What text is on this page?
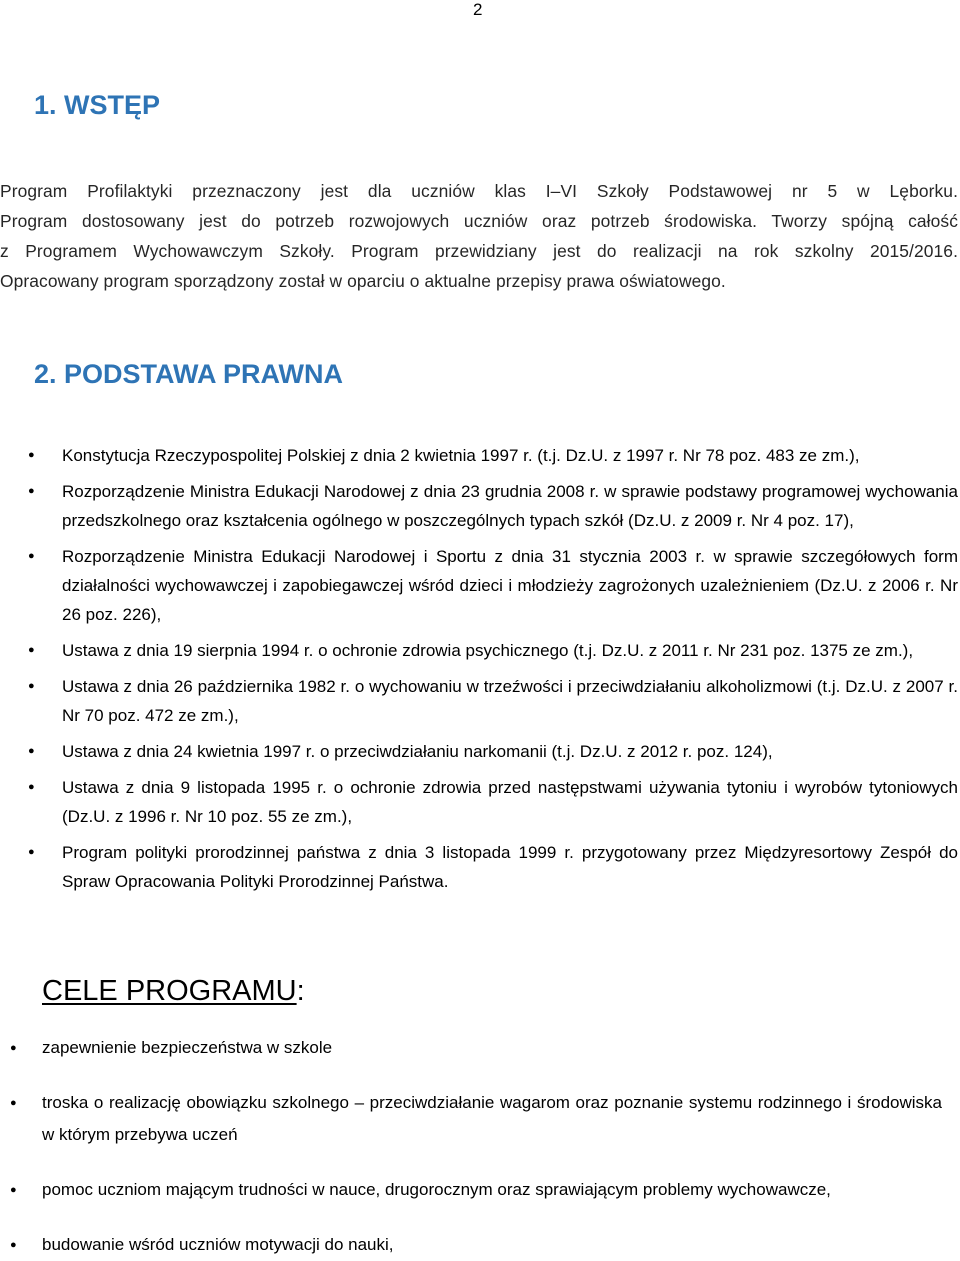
2
1. WSTĘP
Program Profilaktyki przeznaczony jest dla uczniów klas I–VI Szkoły Podstawowej nr 5 w Lęborku.
Program dostosowany jest do potrzeb rozwojowych uczniów oraz potrzeb środowiska. Tworzy spójną całość
z Programem Wychowawczym Szkoły. Program przewidziany jest do realizacji na rok szkolny 2015/2016.
Opracowany program sporządzony został w oparciu o aktualne przepisy prawa oświatowego.
2. PODSTAWA PRAWNA
● Konstytucja Rzeczypospolitej Polskiej z dnia 2 kwietnia 1997 r. (t.j. Dz.U. z 1997 r. Nr 78 poz. 483 ze zm.),
● Rozporządzenie Ministra Edukacji Narodowej z dnia 23 grudnia 2008 r. w sprawie podstawy programowej wychowania przedszkolnego oraz kształcenia ogólnego w poszczególnych typach szkół (Dz.U. z 2009 r. Nr 4 poz. 17),
● Rozporządzenie Ministra Edukacji Narodowej i Sportu z dnia 31 stycznia 2003 r. w sprawie szczegółowych form działalności wychowawczej i zapobiegawczej wśród dzieci i młodzieży zagrożonych uzależnieniem (Dz.U. z 2006 r. Nr 26 poz. 226),
● Ustawa z dnia 19 sierpnia 1994 r. o ochronie zdrowia psychicznego (t.j. Dz.U. z 2011 r. Nr 231 poz. 1375 ze zm.),
● Ustawa z dnia 26 października 1982 r. o wychowaniu w trzeźwości i przeciwdziałaniu alkoholizmowi (t.j. Dz.U. z 2007 r. Nr 70 poz. 472 ze zm.),
● Ustawa z dnia 24 kwietnia 1997 r. o przeciwdziałaniu narkomanii (t.j. Dz.U. z 2012 r. poz. 124),
● Ustawa z dnia 9 listopada 1995 r. o ochronie zdrowia przed następstwami używania tytoniu i wyrobów tytoniowych (Dz.U. z 1996 r. Nr 10 poz. 55 ze zm.),
● Program polityki prorodzinnej państwa z dnia 3 listopada 1999 r. przygotowany przez Międzyresortowy Zespół do Spraw Opracowania Polityki Prorodzinnej Państwa.
CELE PROGRAMU:
● zapewnienie bezpieczeństwa w szkole
● troska o realizację obowiązku szkolnego – przeciwdziałanie wagarom oraz poznanie systemu rodzinnego i środowiska w którym przebywa uczeń
● pomoc uczniom mającym trudności w nauce, drugorocznym oraz sprawiającym problemy wychowawcze,
● budowanie wśród uczniów motywacji do nauki,
